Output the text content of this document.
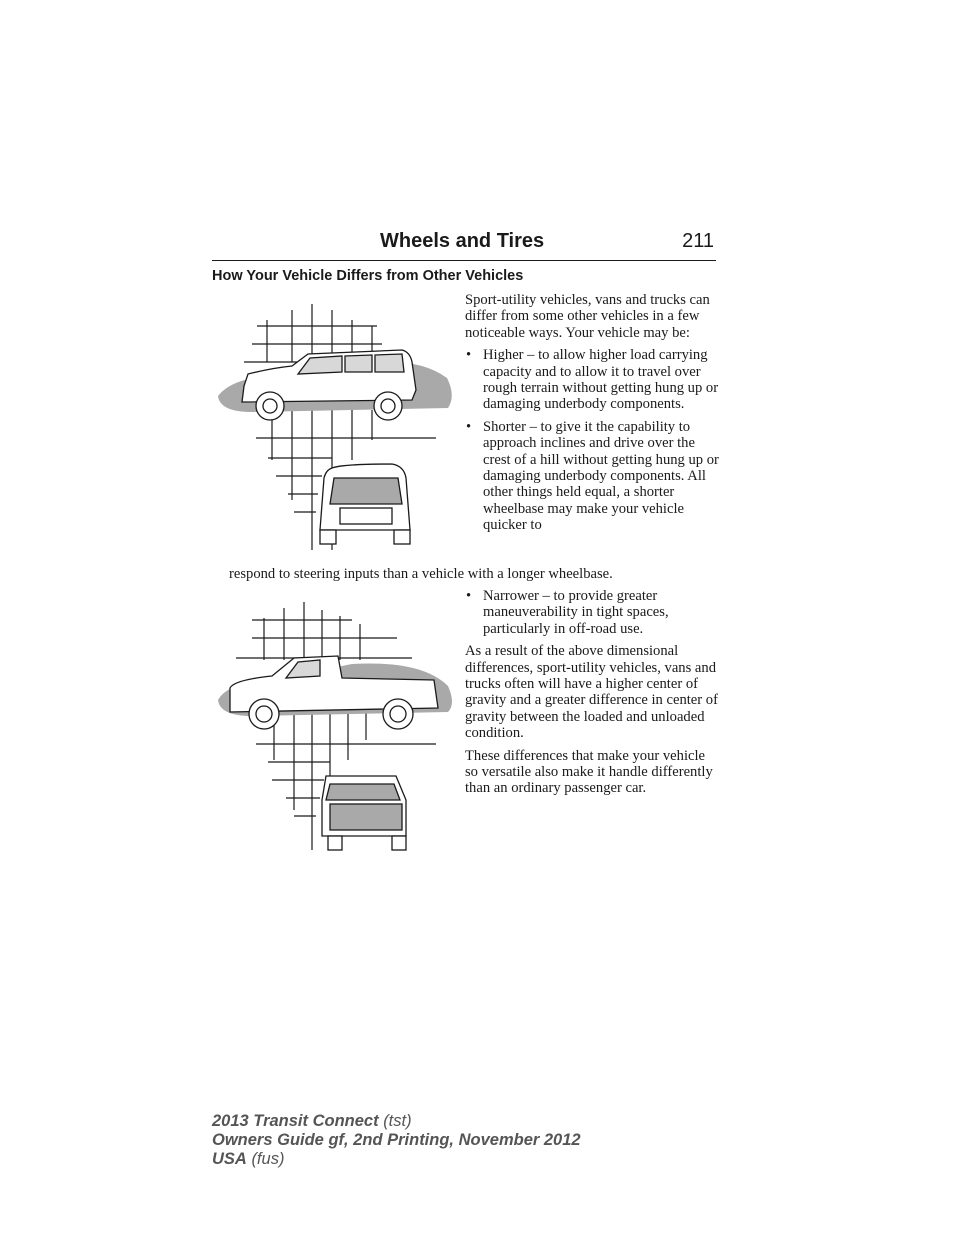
Wheels and Tires	211
How Your Vehicle Differs from Other Vehicles

Sport-utility vehicles, vans and trucks can differ from some other vehicles in a few noticeable ways. Your vehicle may be:

• Higher – to allow higher load carrying capacity and to allow it to travel over rough terrain without getting hung up or damaging underbody components.
• Shorter – to give it the capability to approach inclines and drive over the crest of a hill without getting hung up or damaging underbody components. All other things held equal, a shorter wheelbase may make your vehicle quicker to
respond to steering inputs than a vehicle with a longer wheelbase.
• Narrower – to provide greater maneuverability in tight spaces, particularly in off-road use.

As a result of the above dimensional differences, sport-utility vehicles, vans and trucks often will have a higher center of gravity and a greater difference in center of gravity between the loaded and unloaded condition.

These differences that make your vehicle so versatile also make it handle differently than an ordinary passenger car.

2013 Transit Connect (tst)
Owners Guide gf, 2nd Printing, November 2012
USA (fus)
